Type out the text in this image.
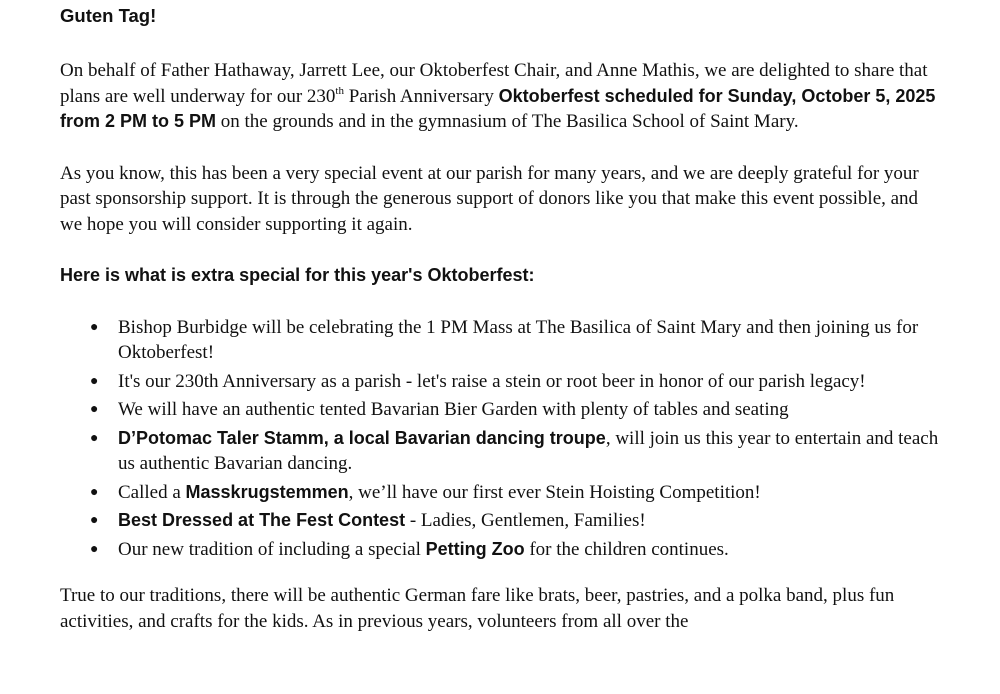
Guten Tag!

On behalf of Father Hathaway, Jarrett Lee, our Oktoberfest Chair, and Anne Mathis, we are delighted to share that plans are well underway for our 230th Parish Anniversary Oktoberfest scheduled for Sunday, October 5, 2025 from 2 PM to 5 PM on the grounds and in the gymnasium of The Basilica School of Saint Mary.

As you know, this has been a very special event at our parish for many years, and we are deeply grateful for your past sponsorship support. It is through the generous support of donors like you that make this event possible, and we hope you will consider supporting it again.

Here is what is extra special for this year's Oktoberfest:
● Bishop Burbidge will be celebrating the 1 PM Mass at The Basilica of Saint Mary and then joining us for Oktoberfest!
● It's our 230th Anniversary as a parish - let's raise a stein or root beer in honor of our parish legacy!
● We will have an authentic tented Bavarian Bier Garden with plenty of tables and seating
● D’Potomac Taler Stamm, a local Bavarian dancing troupe, will join us this year to entertain and teach us authentic Bavarian dancing.
● Called a Masskrugstemmen, we’ll have our first ever Stein Hoisting Competition!
● Best Dressed at The Fest Contest - Ladies, Gentlemen, Families!
● Our new tradition of including a special Petting Zoo for the children continues.

True to our traditions, there will be authentic German fare like brats, beer, pastries, and a polka band, plus fun activities, and crafts for the kids. As in previous years, volunteers from all over the
